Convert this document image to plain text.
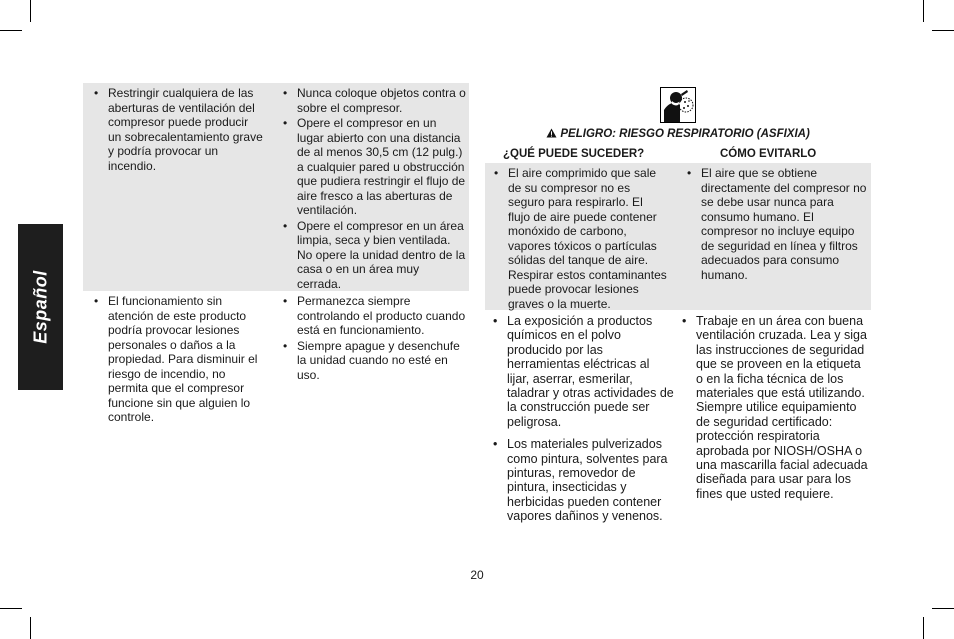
Español
• Restringir cualquiera de las aberturas de ventilación del compresor puede producir un sobrecalentamiento grave y podría provocar un incendio.
• Nunca coloque objetos contra o sobre el compresor.
• Opere el compresor en un lugar abierto con una distancia de al menos 30,5 cm (12 pulg.) a cualquier pared u obstrucción que pudiera restringir el flujo de aire fresco a las aberturas de ventilación.
• Opere el compresor en un área limpia, seca y bien ventilada. No opere la unidad dentro de la casa o en un área muy cerrada.
• El funcionamiento sin atención de este producto podría provocar lesiones personales o daños a la propiedad. Para disminuir el riesgo de incendio, no permita que el compresor funcione sin que alguien lo controle.
• Permanezca siempre controlando el producto cuando está en funcionamiento.
• Siempre apague y desenchufe la unidad cuando no esté en uso.
PELIGRO: RIESGO RESPIRATORIO (ASFIXIA)
¿QUÉ PUEDE SUCEDER?	CÓMO EVITARLO
• El aire comprimido que sale de su compresor no es seguro para respirarlo. El flujo de aire puede contener monóxido de carbono, vapores tóxicos o partículas sólidas del tanque de aire. Respirar estos contaminantes puede provocar lesiones graves o la muerte.
• El aire que se obtiene directamente del compresor no se debe usar nunca para consumo humano. El compresor no incluye equipo de seguridad en línea y filtros adecuados para consumo humano.
• La exposición a productos químicos en el polvo producido por las herramientas eléctricas al lijar, aserrar, esmerilar, taladrar y otras actividades de la construcción puede ser peligrosa.
• Los materiales pulverizados como pintura, solventes para pinturas, removedor de pintura, insecticidas y herbicidas pueden contener vapores dañinos y venenos.
• Trabaje en un área con buena ventilación cruzada. Lea y siga las instrucciones de seguridad que se proveen en la etiqueta o en la ficha técnica de los materiales que está utilizando. Siempre utilice equipamiento de seguridad certificado: protección respiratoria aprobada por NIOSH/OSHA o una mascarilla facial adecuada diseñada para usar para los fines que usted requiere.
20
